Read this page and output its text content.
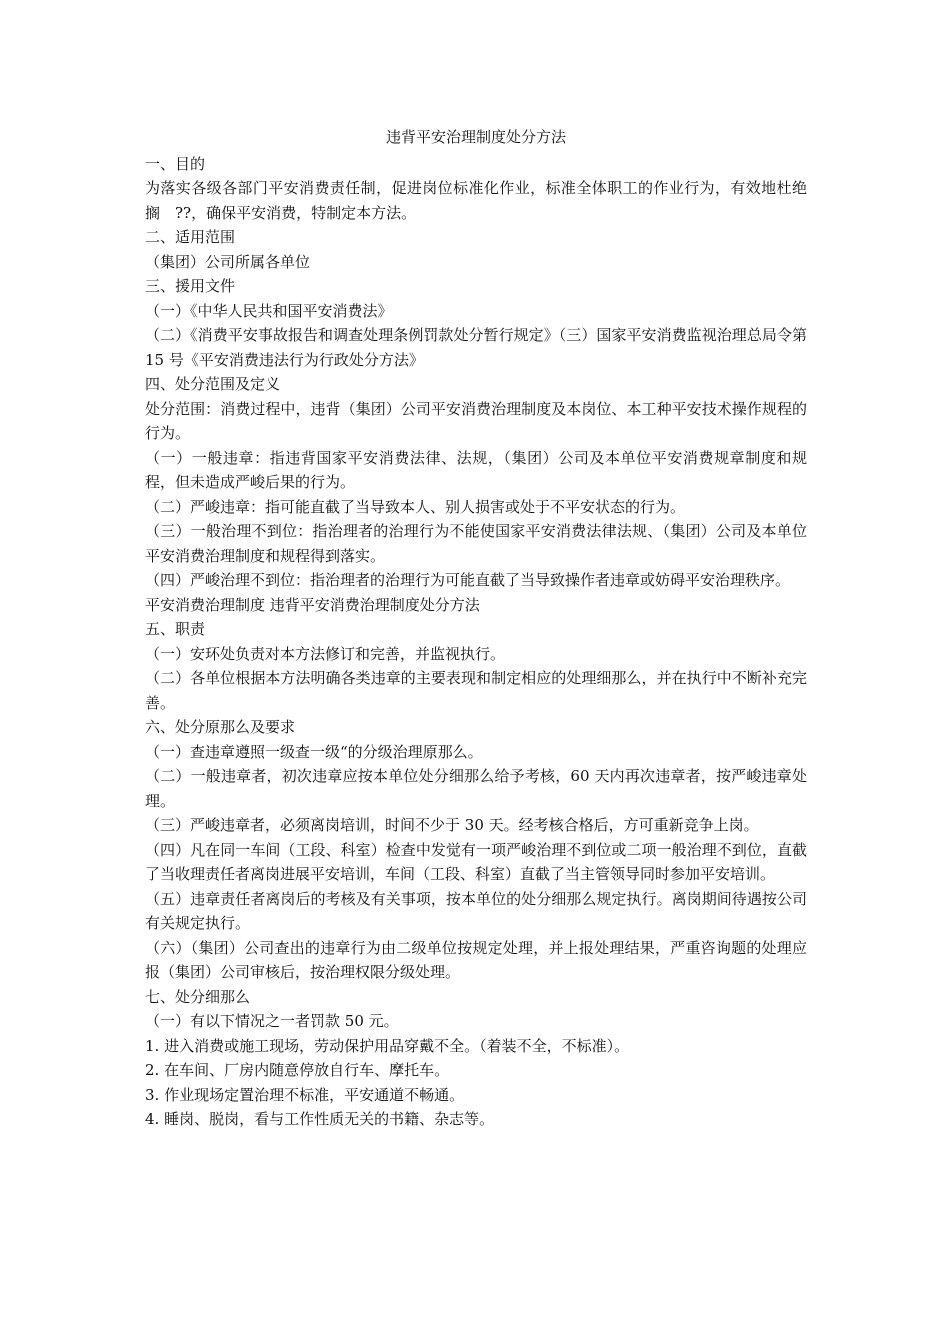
违背平安治理制度处分方法

一、目的

为落实各级各部门平安消费责任制，促进岗位标准化作业，标准全体职工的作业行为，有效地杜绝搁　??，确保平安消费，特制定本方法。

二、适用范围

（集团）公司所属各单位

三、援用文件

（一）《中华人民共和国平安消费法》

（二）《消费平安事故报告和调查处理条例罚款处分暂行规定》（三）国家平安消费监视治理总局令第 15 号《平安消费违法行为行政处分方法》

四、处分范围及定义

处分范围：消费过程中，违背（集团）公司平安消费治理制度及本岗位、本工种平安技术操作规程的行为。

（一）一般违章：指违背国家平安消费法律、法规，（集团）公司及本单位平安消费规章制度和规程，但未造成严峻后果的行为。

（二）严峻违章：指可能直截了当导致本人、别人损害或处于不平安状态的行为。

（三）一般治理不到位：指治理者的治理行为不能使国家平安消费法律法规、（集团）公司及本单位平安消费治理制度和规程得到落实。

（四）严峻治理不到位：指治理者的治理行为可能直截了当导致操作者违章或妨碍平安治理秩序。

平安消费治理制度 违背平安消费治理制度处分方法

五、职责

（一）安环处负责对本方法修订和完善，并监视执行。

（二）各单位根据本方法明确各类违章的主要表现和制定相应的处理细那么，并在执行中不断补充完善。

六、处分原那么及要求

（一）查违章遵照一级查一级“的分级治理原那么。

（二）一般违章者，初次违章应按本单位处分细那么给予考核，60 天内再次违章者，按严峻违章处理。

（三）严峻违章者，必须离岗培训，时间不少于 30 天。经考核合格后，方可重新竞争上岗。

（四）凡在同一车间（工段、科室）检查中发觉有一项严峻治理不到位或二项一般治理不到位，直截了当收理责任者离岗进展平安培训，车间（工段、科室）直截了当主管领导同时参加平安培训。

（五）违章责任者离岗后的考核及有关事项，按本单位的处分细那么规定执行。离岗期间待遇按公司有关规定执行。

（六）（集团）公司查出的违章行为由二级单位按规定处理，并上报处理结果，严重咨询题的处理应报（集团）公司审核后，按治理权限分级处理。

七、处分细那么

（一）有以下情况之一者罚款 50 元。

1. 进入消费或施工现场，劳动保护用品穿戴不全。（着装不全，不标准）。

2. 在车间、厂房内随意停放自行车、摩托车。

3. 作业现场定置治理不标准，平安通道不畅通。

4. 睡岗、脱岗，看与工作性质无关的书籍、杂志等。
